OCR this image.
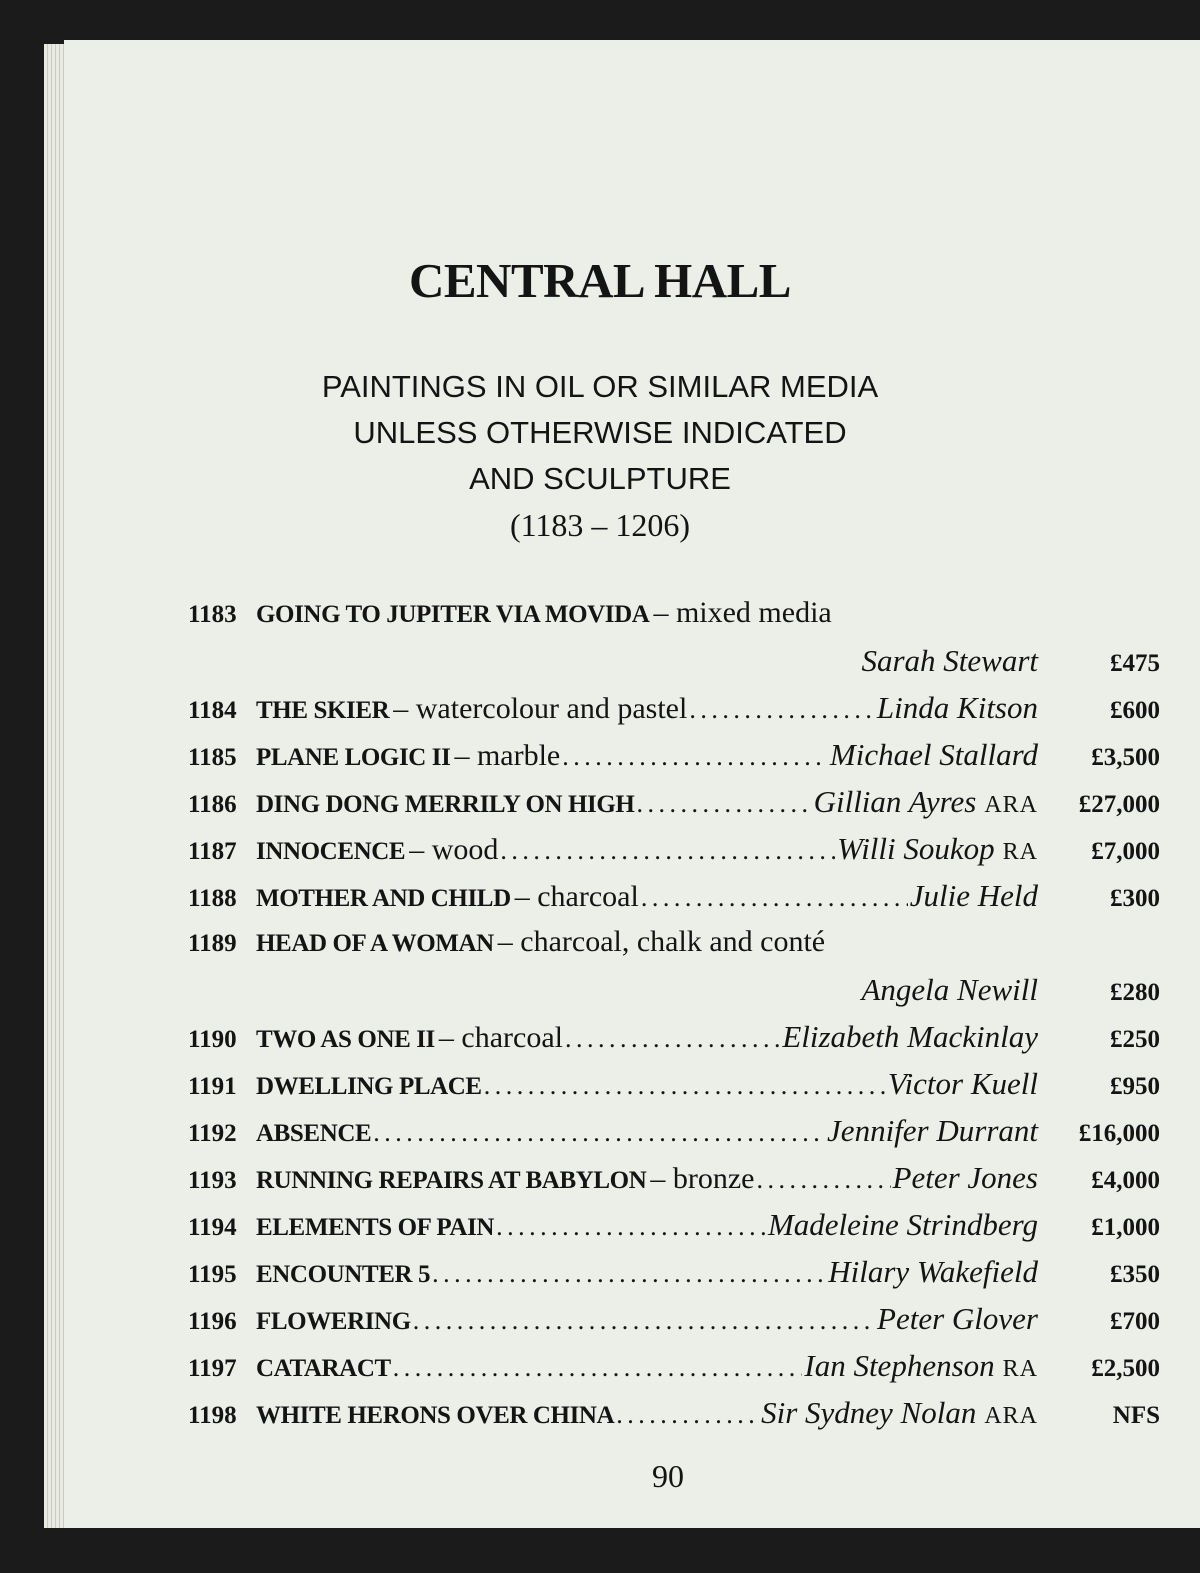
CENTRAL HALL
PAINTINGS IN OIL OR SIMILAR MEDIA
UNLESS OTHERWISE INDICATED
AND SCULPTURE
(1183 – 1206)
1183 GOING TO JUPITER VIA MOVIDA – mixed media
Sarah Stewart	£475
1184 THE SKIER – watercolour and pastel . . .	Linda Kitson	£600
1185 PLANE LOGIC II – marble . . .	Michael Stallard	£3,500
1186 DING DONG MERRILY ON HIGH . . .	Gillian Ayres ARA	£27,000
1187 INNOCENCE – wood . . .	Willi Soukop RA	£7,000
1188 MOTHER AND CHILD – charcoal . . .	Julie Held	£300
1189 HEAD OF A WOMAN – charcoal, chalk and conté
Angela Newill	£280
1190 TWO AS ONE II – charcoal . . .	Elizabeth Mackinlay	£250
1191 DWELLING PLACE . . .	Victor Kuell	£950
1192 ABSENCE . . .	Jennifer Durrant	£16,000
1193 RUNNING REPAIRS AT BABYLON – bronze . . .	Peter Jones	£4,000
1194 ELEMENTS OF PAIN . . .	Madeleine Strindberg	£1,000
1195 ENCOUNTER 5 . . .	Hilary Wakefield	£350
1196 FLOWERING . . .	Peter Glover	£700
1197 CATARACT . . .	Ian Stephenson RA	£2,500
1198 WHITE HERONS OVER CHINA . . .	Sir Sydney Nolan ARA	NFS
90
